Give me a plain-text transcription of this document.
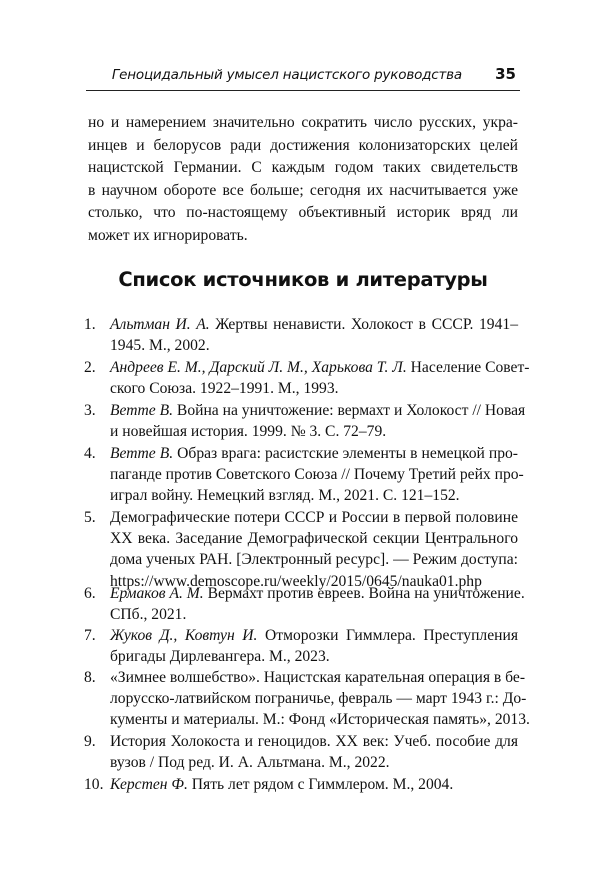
Геноцидальный умысел нацистского руководства 35

но и намерением значительно сократить число русских, укра-
инцев и белорусов ради достижения колонизаторских целей
нацистской Германии. С каждым годом таких свидетельств
в научном обороте все больше; сегодня их насчитывается уже
столько, что по-настоящему объективный историк вряд ли
может их игнорировать.

Список источников и литературы
1. Альтман И. А. Жертвы ненависти. Холокост в СССР. 1941–
1945. М., 2002.
2. Андреев Е. М., Дарский Л. М., Харькова Т. Л. Население Совет-
ского Союза. 1922–1991. М., 1993.
3. Ветте В. Война на уничтожение: вермахт и Холокост // Новая
и новейшая история. 1999. № 3. С. 72–79.
4. Ветте В. Образ врага: расистские элементы в немецкой про-
паганде против Советского Союза // Почему Третий рейх про-
играл войну. Немецкий взгляд. М., 2021. С. 121–152.
5. Демографические потери СССР и России в первой половине
ХХ века. Заседание Демографической секции Центрального
дома ученых РАН. [Электронный ресурс]. — Режим доступа:
https://www.demoscope.ru/weekly/2015/0645/nauka01.php
6. Ермаков А. М. Вермахт против евреев. Война на уничтожение.
СПб., 2021.
7. Жуков Д., Ковтун И. Отморозки Гиммлера. Преступления
бригады Дирлевангера. М., 2023.
8. «Зимнее волшебство». Нацистская карательная операция в бе-
лорусско-латвийском пограничье, февраль — март 1943 г.: До-
кументы и материалы. М.: Фонд «Историческая память», 2013.
9. История Холокоста и геноцидов. ХХ век: Учеб. пособие для
вузов / Под ред. И. А. Альтмана. М., 2022.
10. Керстен Ф. Пять лет рядом с Гиммлером. М., 2004.
